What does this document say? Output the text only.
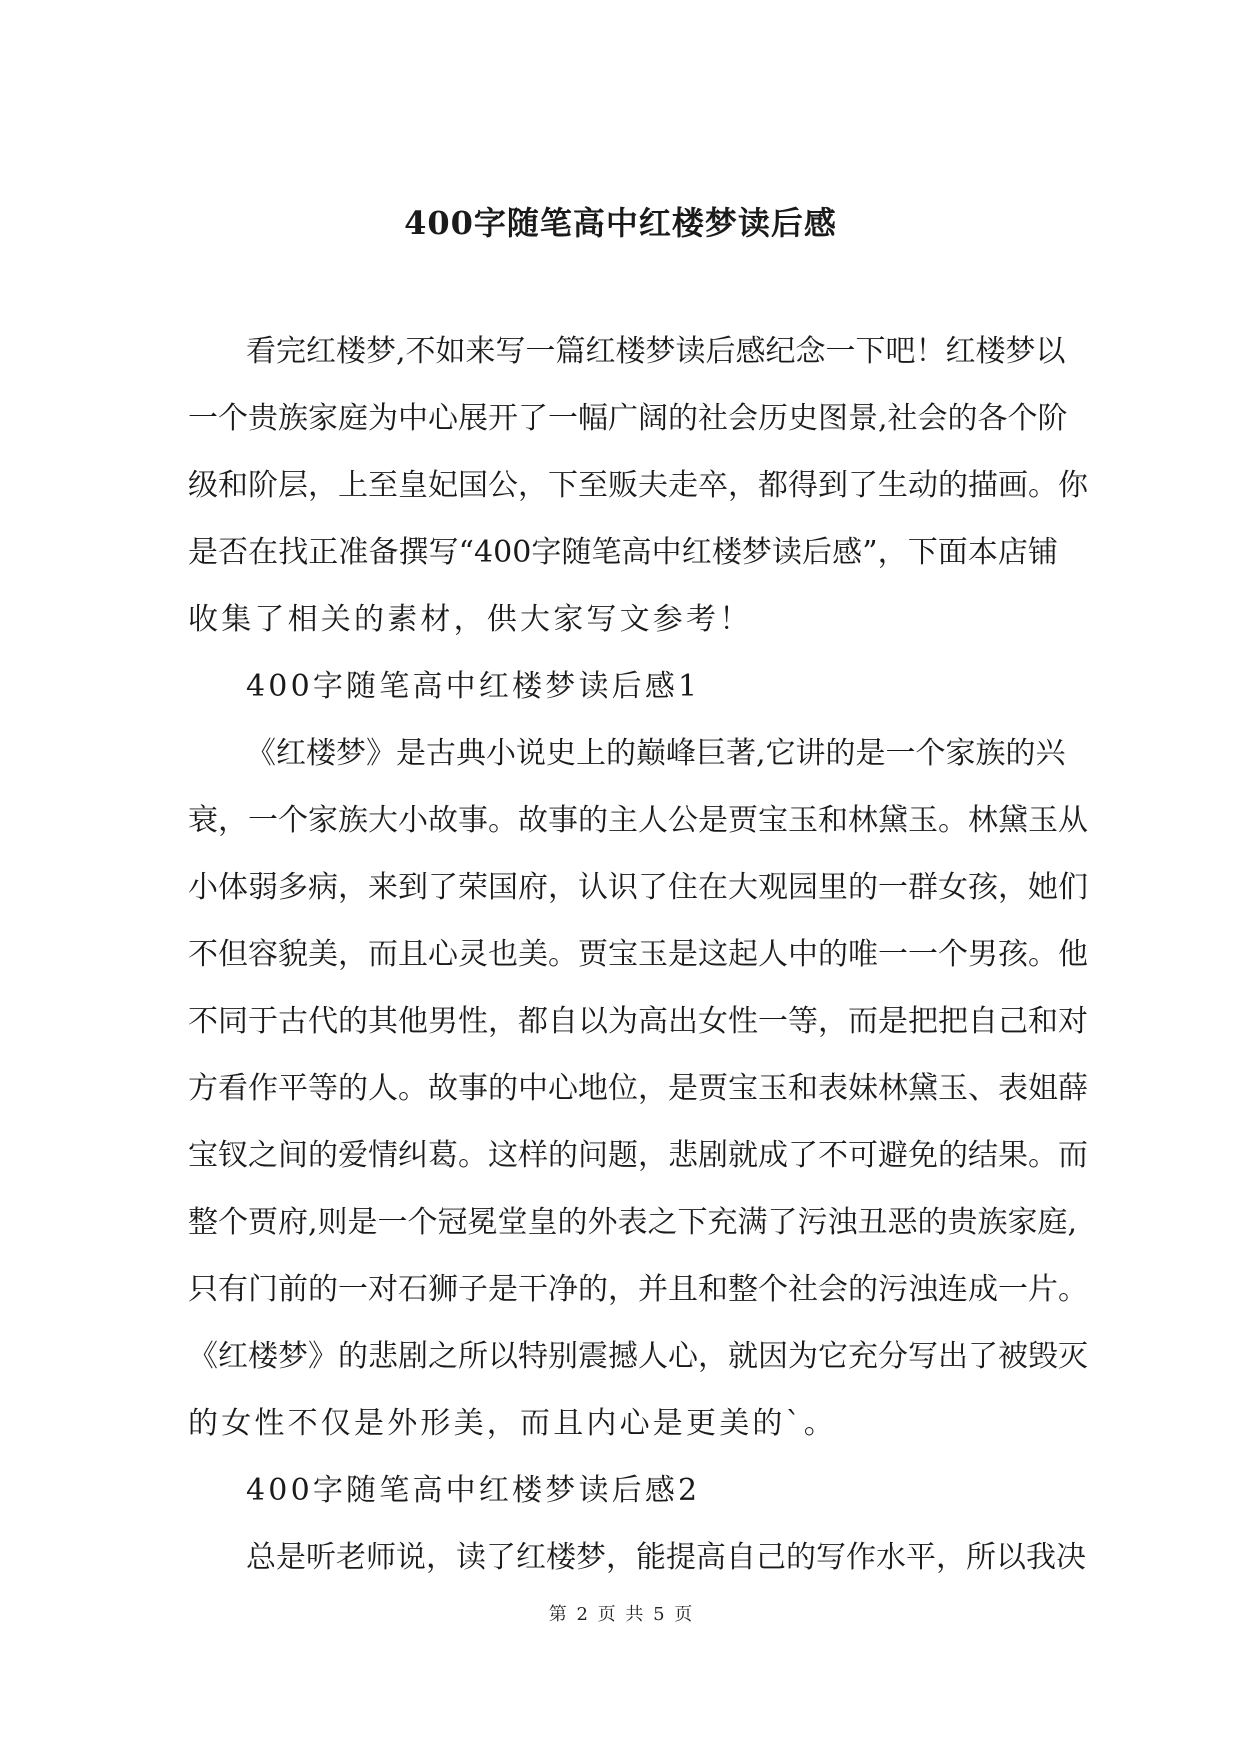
400字随笔高中红楼梦读后感
看完红楼梦,不如来写一篇红楼梦读后感纪念一下吧！红楼梦以
一个贵族家庭为中心展开了一幅广阔的社会历史图景,社会的各个阶
级和阶层，上至皇妃国公，下至贩夫走卒，都得到了生动的描画。你
是否在找正准备撰写“400字随笔高中红楼梦读后感”，下面本店铺
收集了相关的素材，供大家写文参考！
400字随笔高中红楼梦读后感1
《红楼梦》是古典小说史上的巅峰巨著,它讲的是一个家族的兴
衰，一个家族大小故事。故事的主人公是贾宝玉和林黛玉。林黛玉从
小体弱多病，来到了荣国府，认识了住在大观园里的一群女孩，她们
不但容貌美，而且心灵也美。贾宝玉是这起人中的唯一一个男孩。他
不同于古代的其他男性，都自以为高出女性一等，而是把把自己和对
方看作平等的人。故事的中心地位，是贾宝玉和表妹林黛玉、表姐薛
宝钗之间的爱情纠葛。这样的问题，悲剧就成了不可避免的结果。而
整个贾府,则是一个冠冕堂皇的外表之下充满了污浊丑恶的贵族家庭,
只有门前的一对石狮子是干净的，并且和整个社会的污浊连成一片。
《红楼梦》的悲剧之所以特别震撼人心，就因为它充分写出了被毁灭
的女性不仅是外形美，而且内心是更美的`。
400字随笔高中红楼梦读后感2
总是听老师说，读了红楼梦，能提高自己的写作水平，所以我决
第 2 页 共 5 页
